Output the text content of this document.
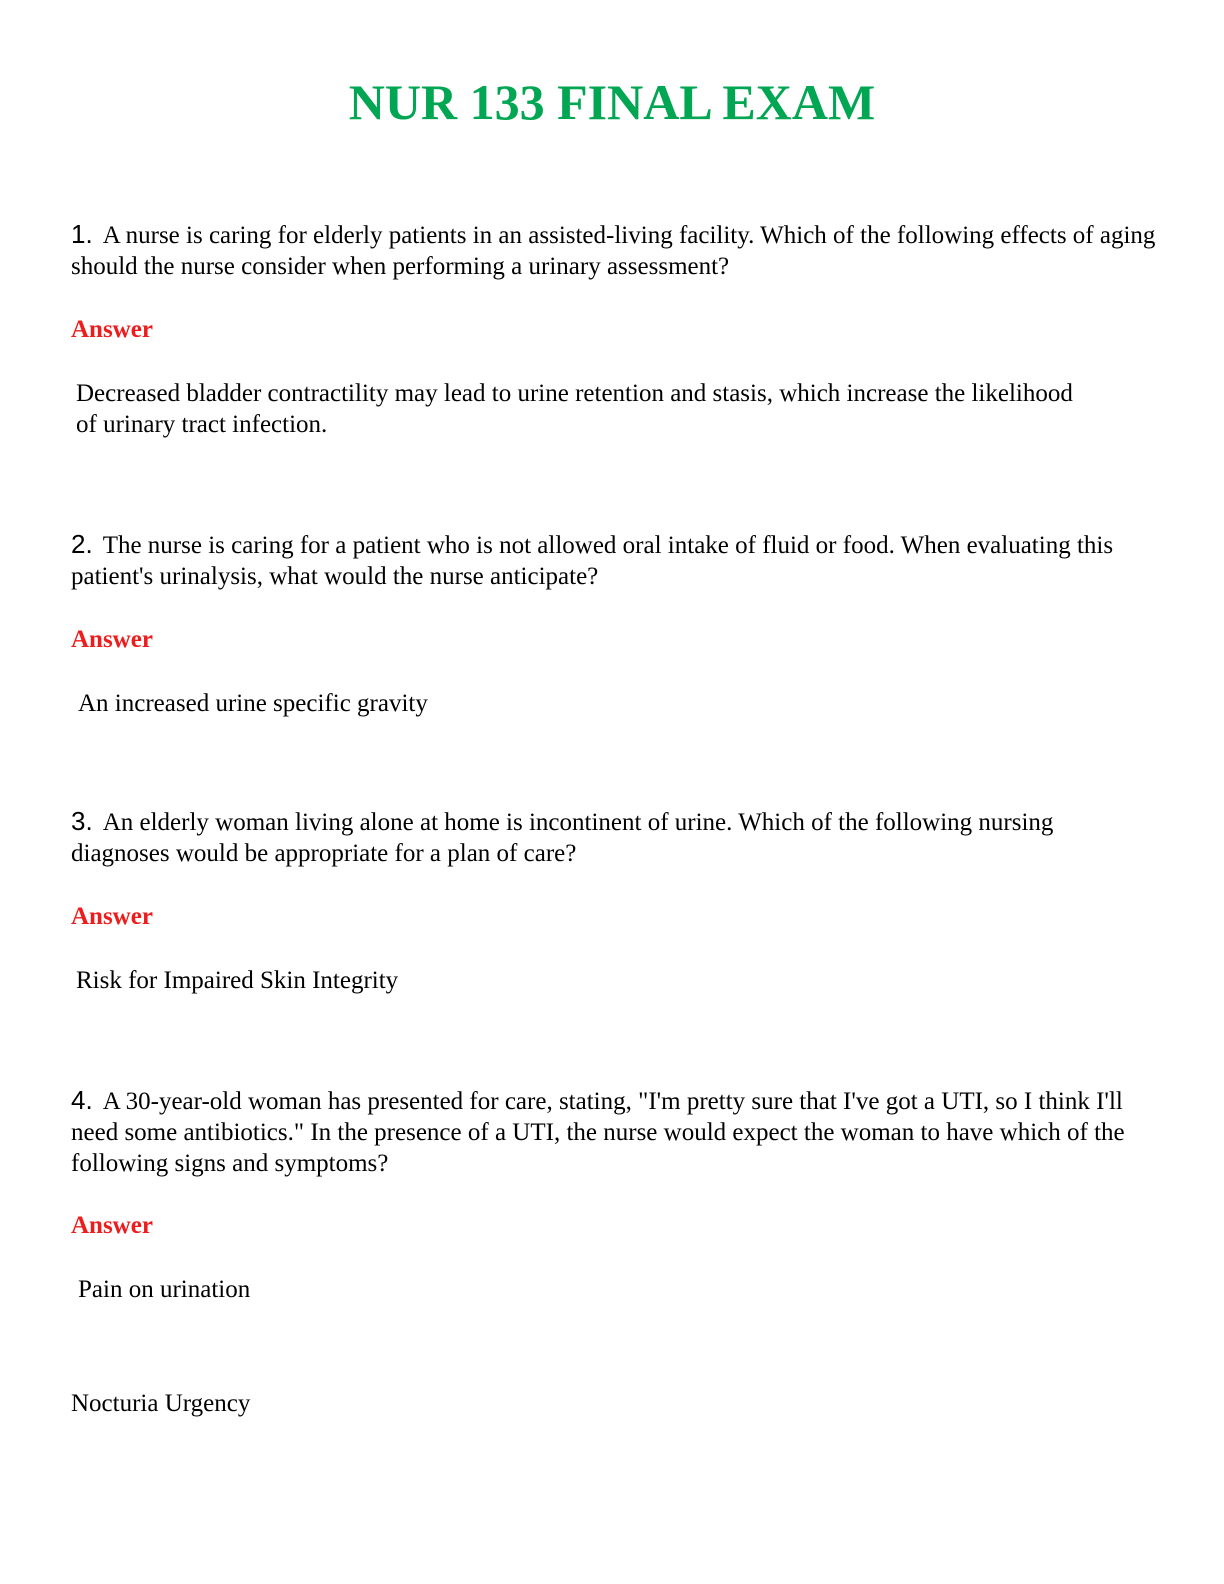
NUR 133 FINAL EXAM

1. A nurse is caring for elderly patients in an assisted-living facility. Which of the following effects of aging should the nurse consider when performing a urinary assessment?

Answer

Decreased bladder contractility may lead to urine retention and stasis, which increase the likelihood of urinary tract infection.

2. The nurse is caring for a patient who is not allowed oral intake of fluid or food. When evaluating this patient's urinalysis, what would the nurse anticipate?

Answer

An increased urine specific gravity

3. An elderly woman living alone at home is incontinent of urine. Which of the following nursing diagnoses would be appropriate for a plan of care?

Answer

Risk for Impaired Skin Integrity

4. A 30-year-old woman has presented for care, stating, "I'm pretty sure that I've got a UTI, so I think I'll need some antibiotics." In the presence of a UTI, the nurse would expect the woman to have which of the following signs and symptoms?

Answer

Pain on urination

Nocturia Urgency
